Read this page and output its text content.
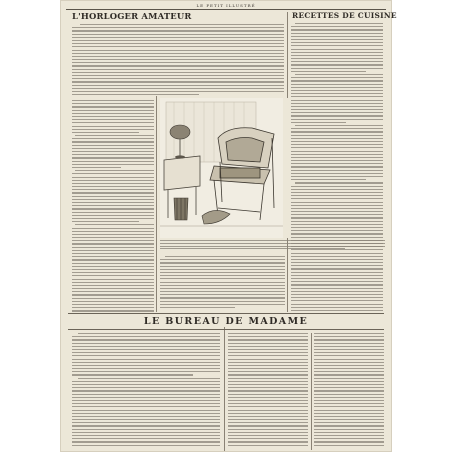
LE PETIT ILLUSTRÉ
L'HORLOGER AMATEUR	RECETTES DE CUISINE
LE BUREAU DE MADAME
